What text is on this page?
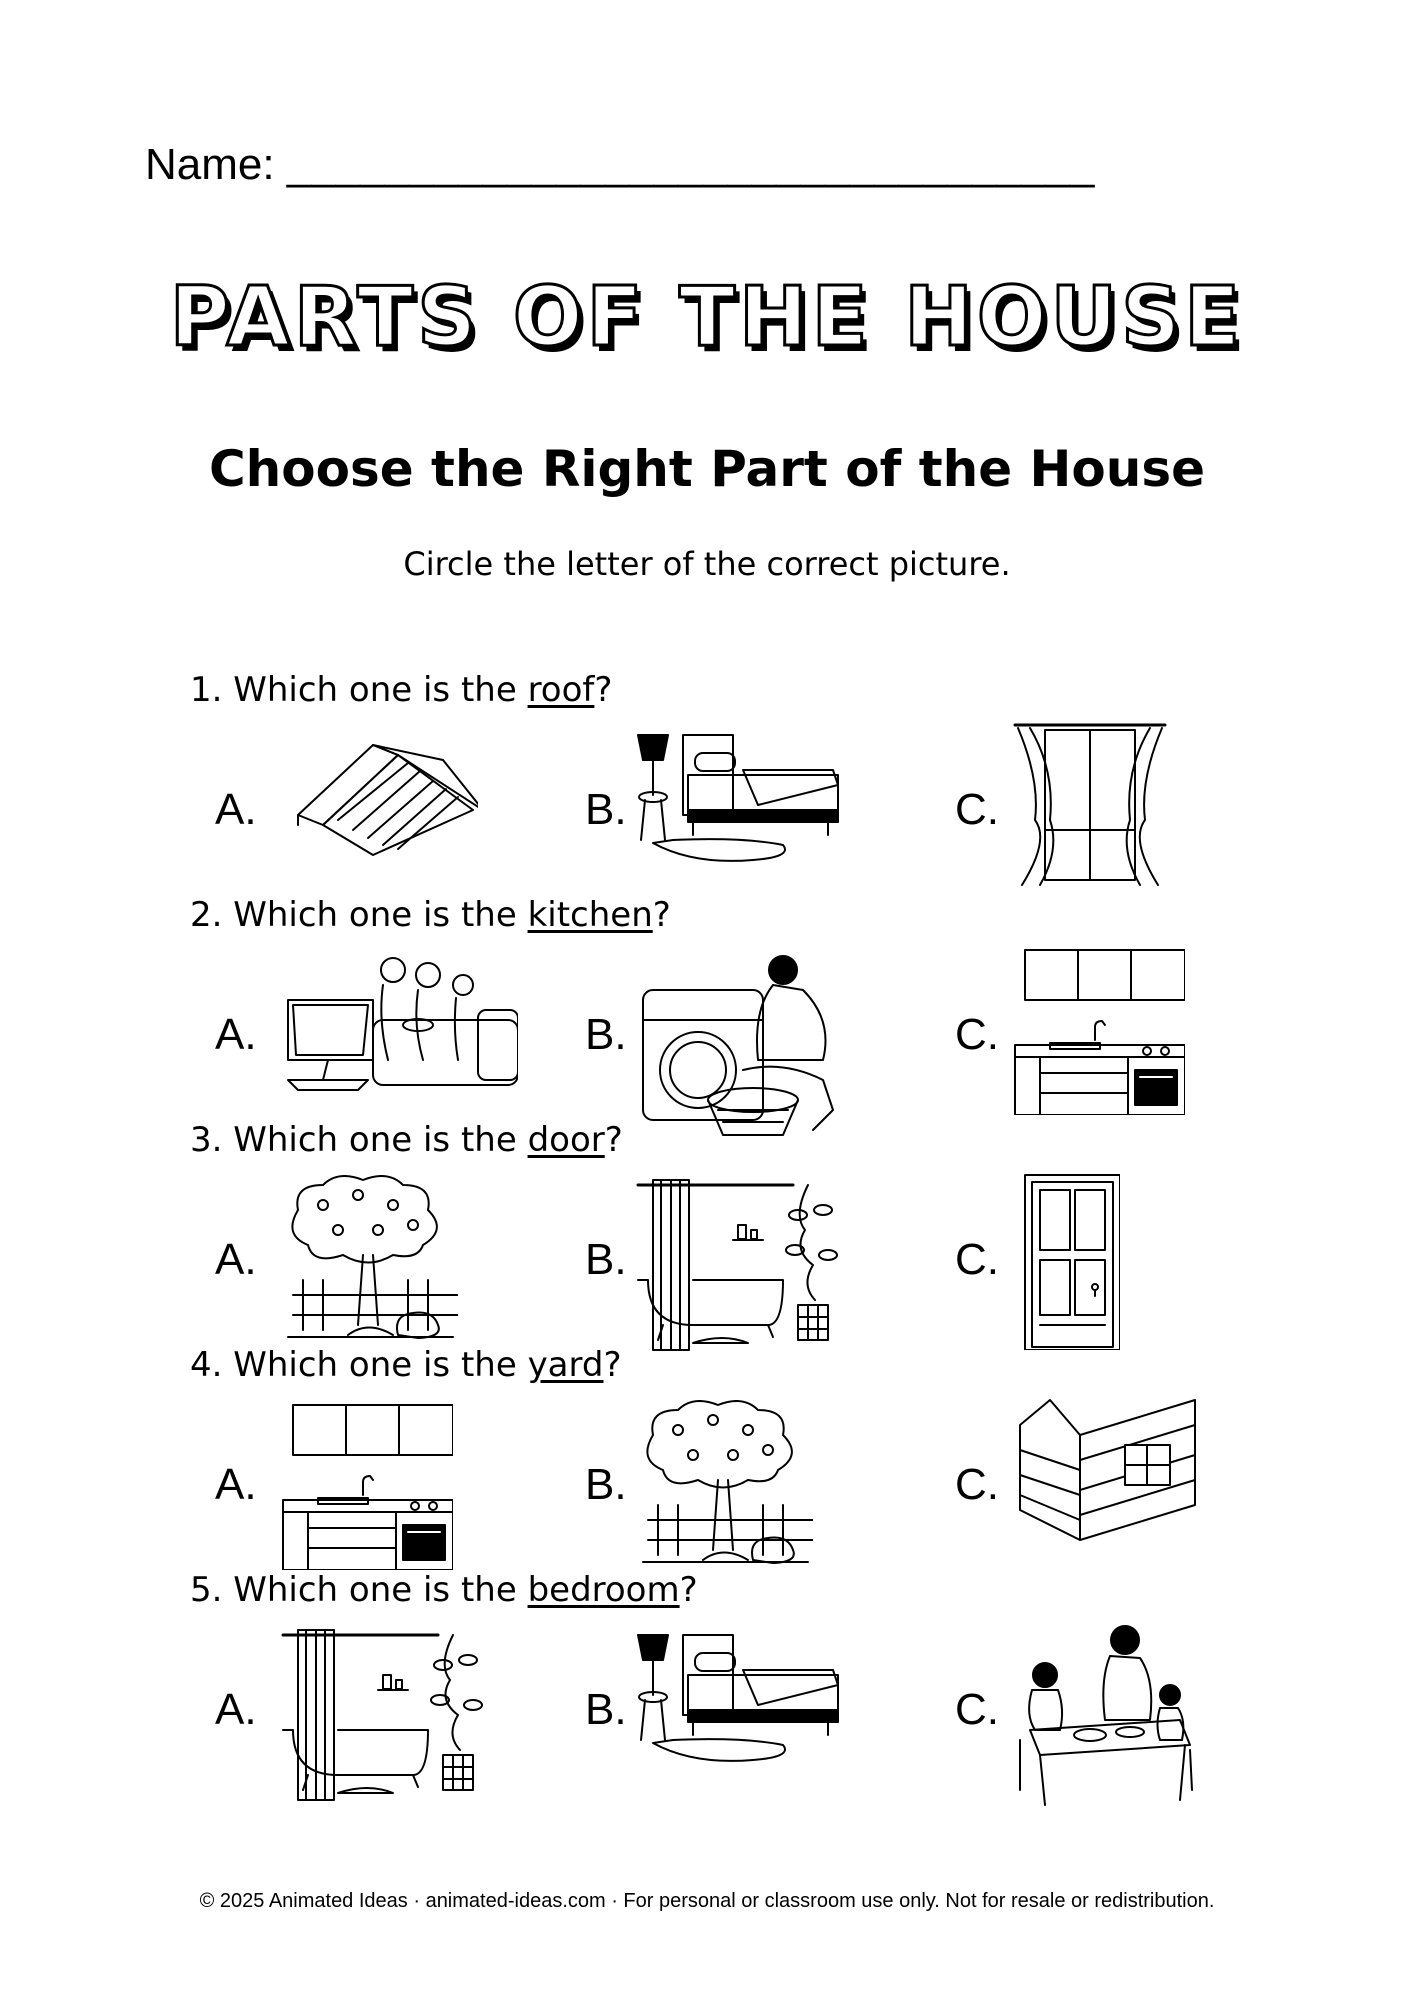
Name: _________________________________
PARTS OF THE HOUSE
Choose the Right Part of the House
Circle the letter of the correct picture.
1. Which one is the roof?
A.	B.	C.
2. Which one is the kitchen?
A.	B.	C.
3. Which one is the door?
A.	B.	C.
4. Which one is the yard?
A.	B.	C.
5. Which one is the bedroom?
A.	B.	C.
© 2025 Animated Ideas · animated-ideas.com · For personal or classroom use only. Not for resale or redistribution.
